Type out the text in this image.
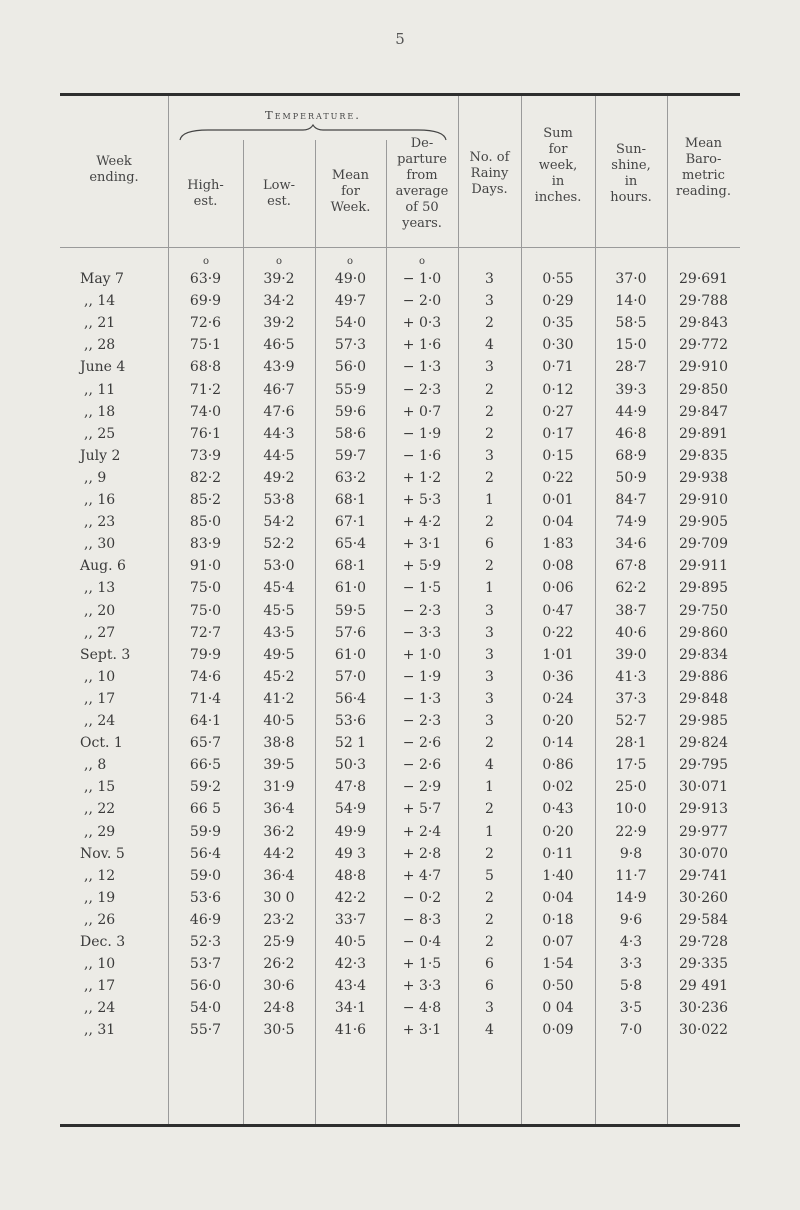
5
Temperature.
Week
ending.
High-
est.
Low-
est.
Mean
for
Week.
De-
parture
from
average
of 50
years.
No. of
Rainy
Days.
Sum
for
week,
in
inches.
Sun-
shine,
in
hours.
Mean
Baro-
metric
reading.
o	o	o	o
May 7	63·9	39·2	49·0	− 1·0	3	0·55	37·0	29·691
,, 14	69·9	34·2	49·7	− 2·0	3	0·29	14·0	29·788
,, 21	72·6	39·2	54·0	+ 0·3	2	0·35	58·5	29·843
,, 28	75·1	46·5	57·3	+ 1·6	4	0·30	15·0	29·772
June 4	68·8	43·9	56·0	− 1·3	3	0·71	28·7	29·910
,, 11	71·2	46·7	55·9	− 2·3	2	0·12	39·3	29·850
,, 18	74·0	47·6	59·6	+ 0·7	2	0·27	44·9	29·847
,, 25	76·1	44·3	58·6	− 1·9	2	0·17	46·8	29·891
July 2	73·9	44·5	59·7	− 1·6	3	0·15	68·9	29·835
,, 9	82·2	49·2	63·2	+ 1·2	2	0·22	50·9	29·938
,, 16	85·2	53·8	68·1	+ 5·3	1	0·01	84·7	29·910
,, 23	85·0	54·2	67·1	+ 4·2	2	0·04	74·9	29·905
,, 30	83·9	52·2	65·4	+ 3·1	6	1·83	34·6	29·709
Aug. 6	91·0	53·0	68·1	+ 5·9	2	0·08	67·8	29·911
,, 13	75·0	45·4	61·0	− 1·5	1	0·06	62·2	29·895
,, 20	75·0	45·5	59·5	− 2·3	3	0·47	38·7	29·750
,, 27	72·7	43·5	57·6	− 3·3	3	0·22	40·6	29·860
Sept. 3	79·9	49·5	61·0	+ 1·0	3	1·01	39·0	29·834
,, 10	74·6	45·2	57·0	− 1·9	3	0·36	41·3	29·886
,, 17	71·4	41·2	56·4	− 1·3	3	0·24	37·3	29·848
,, 24	64·1	40·5	53·6	− 2·3	3	0·20	52·7	29·985
Oct. 1	65·7	38·8	52 1	− 2·6	2	0·14	28·1	29·824
,, 8	66·5	39·5	50·3	− 2·6	4	0·86	17·5	29·795
,, 15	59·2	31·9	47·8	− 2·9	1	0·02	25·0	30·071
,, 22	66 5	36·4	54·9	+ 5·7	2	0·43	10·0	29·913
,, 29	59·9	36·2	49·9	+ 2·4	1	0·20	22·9	29·977
Nov. 5	56·4	44·2	49 3	+ 2·8	2	0·11	9·8	30·070
,, 12	59·0	36·4	48·8	+ 4·7	5	1·40	11·7	29·741
,, 19	53·6	30 0	42·2	− 0·2	2	0·04	14·9	30·260
,, 26	46·9	23·2	33·7	− 8·3	2	0·18	9·6	29·584
Dec. 3	52·3	25·9	40·5	− 0·4	2	0·07	4·3	29·728
,, 10	53·7	26·2	42·3	+ 1·5	6	1·54	3·3	29·335
,, 17	56·0	30·6	43·4	+ 3·3	6	0·50	5·8	29 491
,, 24	54·0	24·8	34·1	− 4·8	3	0 04	3·5	30·236
,, 31	55·7	30·5	41·6	+ 3·1	4	0·09	7·0	30·022
